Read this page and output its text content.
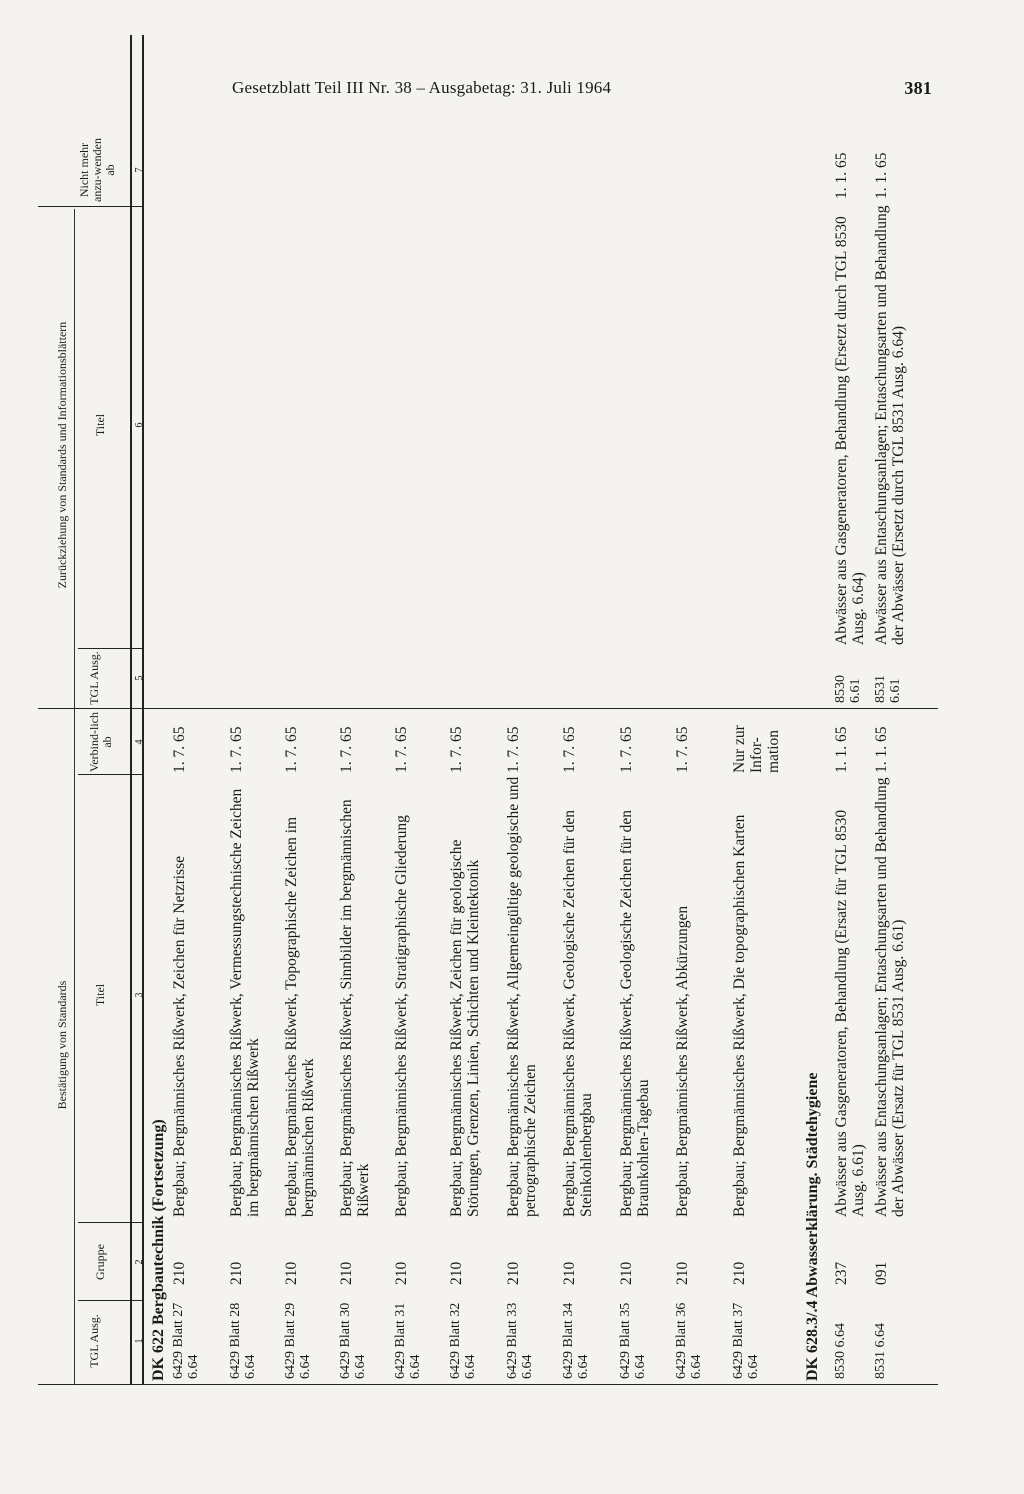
Gesetzblatt Teil III Nr. 38 – Ausgabetag: 31. Juli 1964	381
Bestätigung von Standards
Zurückziehung von Standards und Informationsblättern
TGL Ausg.
Gruppe
Titel
Verbind-lich ab
TGL Ausg.
Titel
Nicht mehr anzu-wenden ab
1
2
3
4
5
6
7
DK 622 Bergbautechnik (Fortsetzung) 6429 Blatt 27 6.64
210
Bergbau; Bergmännisches Rißwerk, Zeichen für Netzrisse
1. 7. 65
6429 Blatt 28 6.64
210
Bergbau; Bergmännisches Rißwerk, Vermessungstechnische Zeichen im bergmännischen Rißwerk
1. 7. 65
6429 Blatt 29 6.64
210
Bergbau; Bergmännisches Rißwerk, Topographische Zeichen im bergmännischen Rißwerk
1. 7. 65
6429 Blatt 30 6.64
210
Bergbau; Bergmännisches Rißwerk, Sinnbilder im bergmännischen Rißwerk
1. 7. 65
6429 Blatt 31 6.64
210
Bergbau; Bergmännisches Rißwerk, Stratigraphische Gliederung
1. 7. 65
6429 Blatt 32 6.64
210
Bergbau; Bergmännisches Rißwerk, Zeichen für geologische Störungen, Grenzen, Linien, Schichten und Kleintektonik
1. 7. 65
6429 Blatt 33 6.64
210
Bergbau; Bergmännisches Rißwerk, Allgemeingültige geologische und petrographische Zeichen
1. 7. 65
6429 Blatt 34 6.64
210
Bergbau; Bergmännisches Rißwerk, Geologische Zeichen für den Steinkohlenbergbau
1. 7. 65
6429 Blatt 35 6.64
210
Bergbau; Bergmännisches Rißwerk, Geologische Zeichen für den Braunkohlen-Tagebau
1. 7. 65
6429 Blatt 36 6.64
210
Bergbau; Bergmännisches Rißwerk, Abkürzungen
1. 7. 65
6429 Blatt 37 6.64
210
Bergbau; Bergmännisches Rißwerk, Die topographischen Karten
Nur zur Infor-mation
DK 628.3/.4 Abwasserklärung. Städtehygiene 8530 6.64
237
Abwässer aus Gasgeneratoren, Behandlung (Ersatz für TGL 8530 Ausg. 6.61)
1. 1. 65
8530 6.61
Abwässer aus Gasgeneratoren, Behandlung (Ersetzt durch TGL 8530 Ausg. 6.64)
1. 1. 65
8531 6.64
091
Abwässer aus Entaschungsanlagen; Entaschungsarten und Behandlung der Abwässer (Ersatz für TGL 8531 Ausg. 6.61)
1. 1. 65
8531 6.61
Abwässer aus Entaschungsanlagen; Entaschungsarten und Behandlung der Abwässer (Ersetzt durch TGL 8531 Ausg. 6.64)
1. 1. 65
